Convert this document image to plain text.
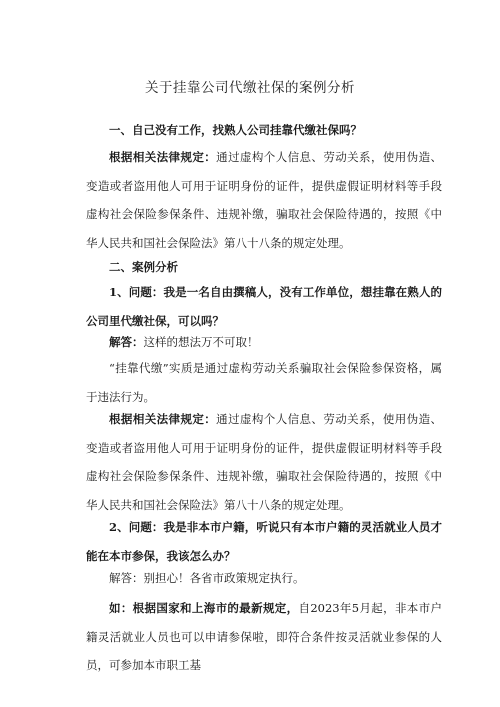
关于挂靠公司代缴社保的案例分析
一、自己没有工作，找熟人公司挂靠代缴社保吗？
根据相关法律规定：通过虚构个人信息、劳动关系，使用伪造、变造或者盗用他人可用于证明身份的证件，提供虚假证明材料等手段虚构社会保险参保条件、违规补缴，骗取社会保险待遇的，按照《中华人民共和国社会保险法》第八十八条的规定处理。
二、案例分析
1、问题：我是一名自由撰稿人，没有工作单位，想挂靠在熟人的公司里代缴社保，可以吗？
解答：这样的想法万不可取！
“挂靠代缴”实质是通过虚构劳动关系骗取社会保险参保资格，属于违法行为。
根据相关法律规定：通过虚构个人信息、劳动关系，使用伪造、变造或者盗用他人可用于证明身份的证件，提供虚假证明材料等手段虚构社会保险参保条件、违规补缴，骗取社会保险待遇的，按照《中华人民共和国社会保险法》第八十八条的规定处理。
2、问题：我是非本市户籍，听说只有本市户籍的灵活就业人员才能在本市参保，我该怎么办？
解答：别担心！各省市政策规定执行。
如：根据国家和上海市的最新规定，自2023年5月起，非本市户籍灵活就业人员也可以申请参保啦，即符合条件按灵活就业参保的人员，可参加本市职工基
